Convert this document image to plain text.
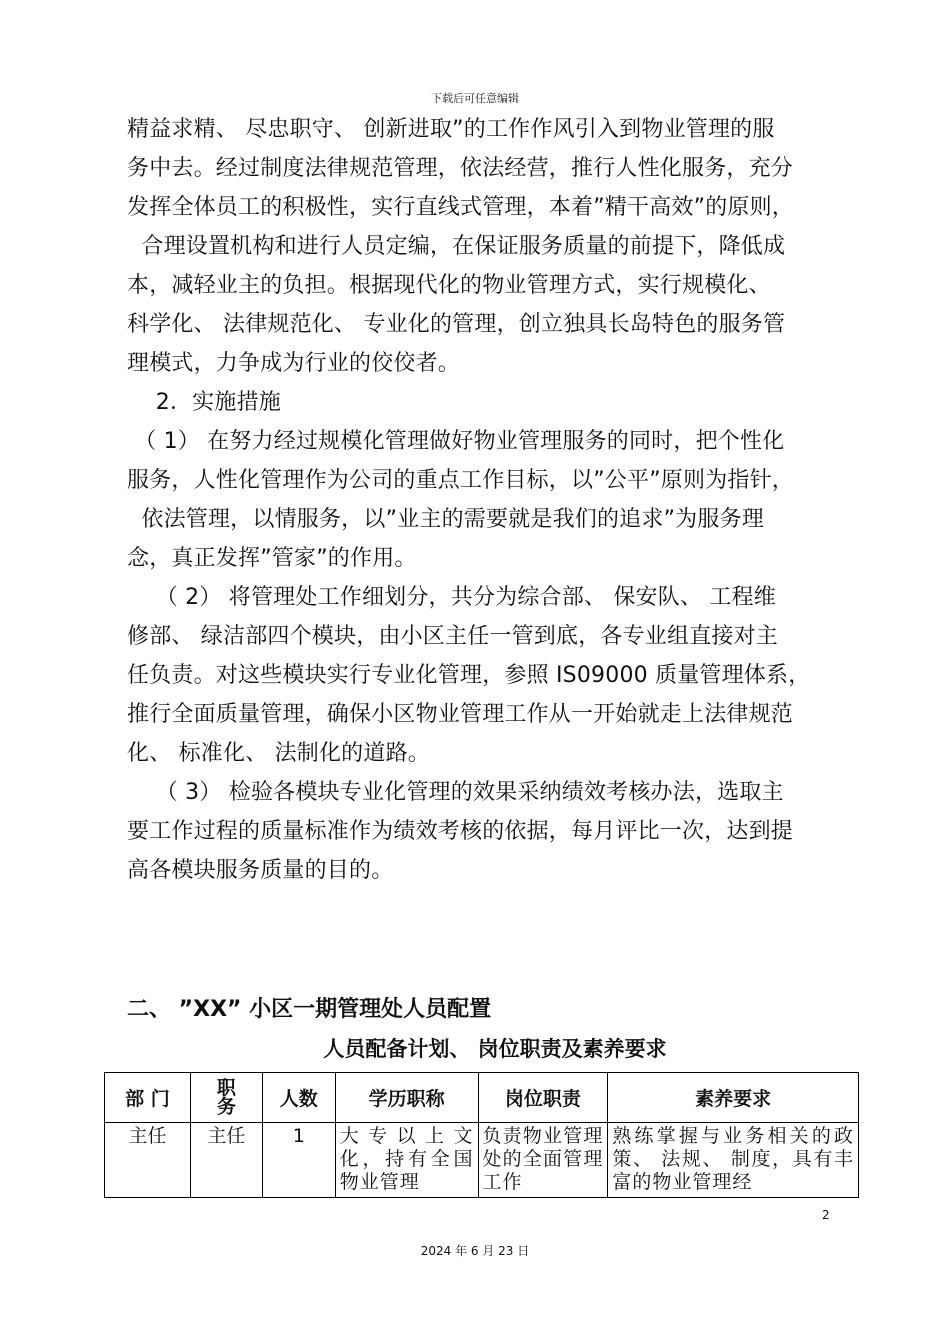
下载后可任意编辑
精益求精、 尽忠职守、 创新进取”的工作作风引入到物业管理的服
务中去。经过制度法律规范管理，依法经营，推行人性化服务，充分
发挥全体员工的积极性，实行直线式管理，本着”精干高效”的原则，
合理设置机构和进行人员定编，在保证服务质量的前提下，降低成
本，减轻业主的负担。根据现代化的物业管理方式，实行规模化、
科学化、 法律规范化、 专业化的管理，创立独具长岛特色的服务管
理模式，力争成为行业的佼佼者。
2．实施措施
（ 1） 在努力经过规模化管理做好物业管理服务的同时，把个性化
服务，人性化管理作为公司的重点工作目标，以”公平”原则为指针，
依法管理，以情服务，以”业主的需要就是我们的追求”为服务理
念，真正发挥”管家”的作用。
（ 2） 将管理处工作细划分，共分为综合部、 保安队、 工程维
修部、 绿洁部四个模块，由小区主任一管到底，各专业组直接对主
任负责。对这些模块实行专业化管理，参照 IS09000 质量管理体系，
推行全面质量管理，确保小区物业管理工作从一开始就走上法律规范
化、 标准化、 法制化的道路。
（ 3） 检验各模块专业化管理的效果采纳绩效考核办法，选取主
要工作过程的质量标准作为绩效考核的依据，每月评比一次，达到提
高各模块服务质量的目的。
二、 ”XX” 小区一期管理处人员配置
人员配备计划、 岗位职责及素养要求
部 门	职
务	人数	学历职称	岗位职责	素养要求
主任	主任	1	大专以上文化，持有全国物业管理	负责物业管理处的全面管理工作	熟练掌握与业务相关的政策、 法规、 制度，具有丰富的物业管理经
2
2024 年 6 月 23 日
